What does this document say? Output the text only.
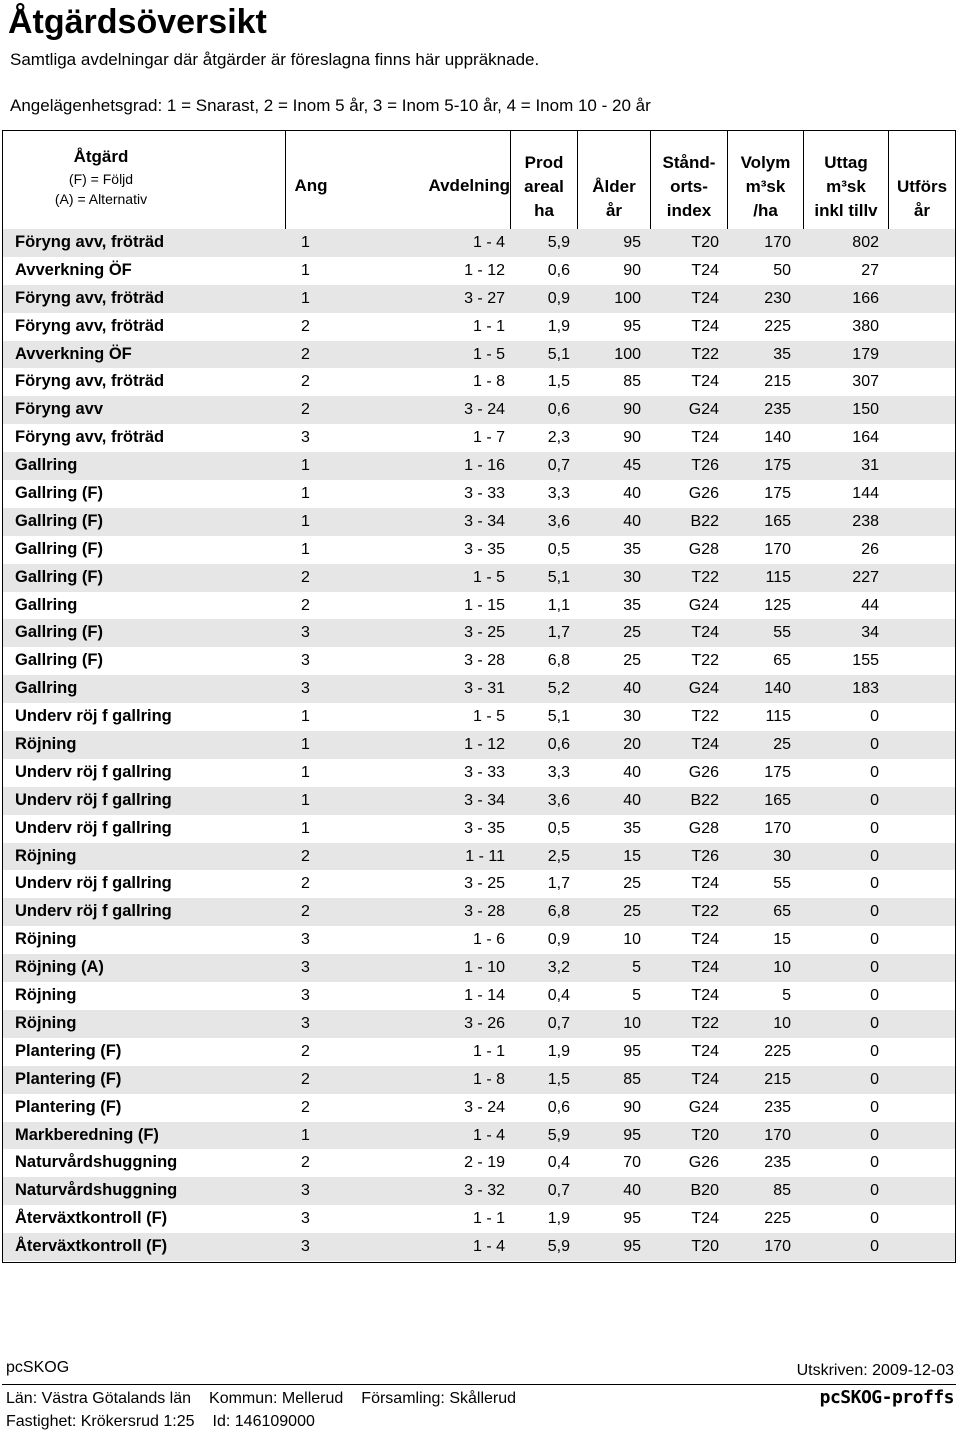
Åtgärdsöversikt
Samtliga avdelningar där åtgärder är föreslagna finns här uppräknade.
Angelägenhetsgrad: 1 = Snarast, 2 = Inom 5 år, 3 = Inom 5-10 år, 4 = Inom 10 - 20 år
Åtgärd
(F) = Följd
(A) = Alternativ
Ang	Avdelning
Prod
areal
ha
Ålder
år
Stånd-
orts-
index
Volym
m³sk
/ha
Uttag
m³sk
inkl tillv
Utförs
år
Föryng avv, fröträd	1	1 - 4	5,9	95	T20	170	802
Avverkning ÖF	1	1 - 12	0,6	90	T24	50	27
Föryng avv, fröträd	1	3 - 27	0,9	100	T24	230	166
Föryng avv, fröträd	2	1 - 1	1,9	95	T24	225	380
Avverkning ÖF	2	1 - 5	5,1	100	T22	35	179
Föryng avv, fröträd	2	1 - 8	1,5	85	T24	215	307
Föryng avv	2	3 - 24	0,6	90	G24	235	150
Föryng avv, fröträd	3	1 - 7	2,3	90	T24	140	164
Gallring	1	1 - 16	0,7	45	T26	175	31
Gallring (F)	1	3 - 33	3,3	40	G26	175	144
Gallring (F)	1	3 - 34	3,6	40	B22	165	238
Gallring (F)	1	3 - 35	0,5	35	G28	170	26
Gallring (F)	2	1 - 5	5,1	30	T22	115	227
Gallring	2	1 - 15	1,1	35	G24	125	44
Gallring (F)	3	3 - 25	1,7	25	T24	55	34
Gallring (F)	3	3 - 28	6,8	25	T22	65	155
Gallring	3	3 - 31	5,2	40	G24	140	183
Underv röj f gallring	1	1 - 5	5,1	30	T22	115	0
Röjning	1	1 - 12	0,6	20	T24	25	0
Underv röj f gallring	1	3 - 33	3,3	40	G26	175	0
Underv röj f gallring	1	3 - 34	3,6	40	B22	165	0
Underv röj f gallring	1	3 - 35	0,5	35	G28	170	0
Röjning	2	1 - 11	2,5	15	T26	30	0
Underv röj f gallring	2	3 - 25	1,7	25	T24	55	0
Underv röj f gallring	2	3 - 28	6,8	25	T22	65	0
Röjning	3	1 - 6	0,9	10	T24	15	0
Röjning (A)	3	1 - 10	3,2	5	T24	10	0
Röjning	3	1 - 14	0,4	5	T24	5	0
Röjning	3	3 - 26	0,7	10	T22	10	0
Plantering (F)	2	1 - 1	1,9	95	T24	225	0
Plantering (F)	2	1 - 8	1,5	85	T24	215	0
Plantering (F)	2	3 - 24	0,6	90	G24	235	0
Markberedning (F)	1	1 - 4	5,9	95	T20	170	0
Naturvårdshuggning	2	2 - 19	0,4	70	G26	235	0
Naturvårdshuggning	3	3 - 32	0,7	40	B20	85	0
Återväxtkontroll (F)	3	1 - 1	1,9	95	T24	225	0
Återväxtkontroll (F)	3	1 - 4	5,9	95	T20	170	0
pcSKOG	Utskriven: 2009-12-03
pcSKOG-proffs
Län: Västra Götalands län Kommun: Mellerud Församling: Skållerud
Fastighet: Krökersrud 1:25 Id: 146109000
